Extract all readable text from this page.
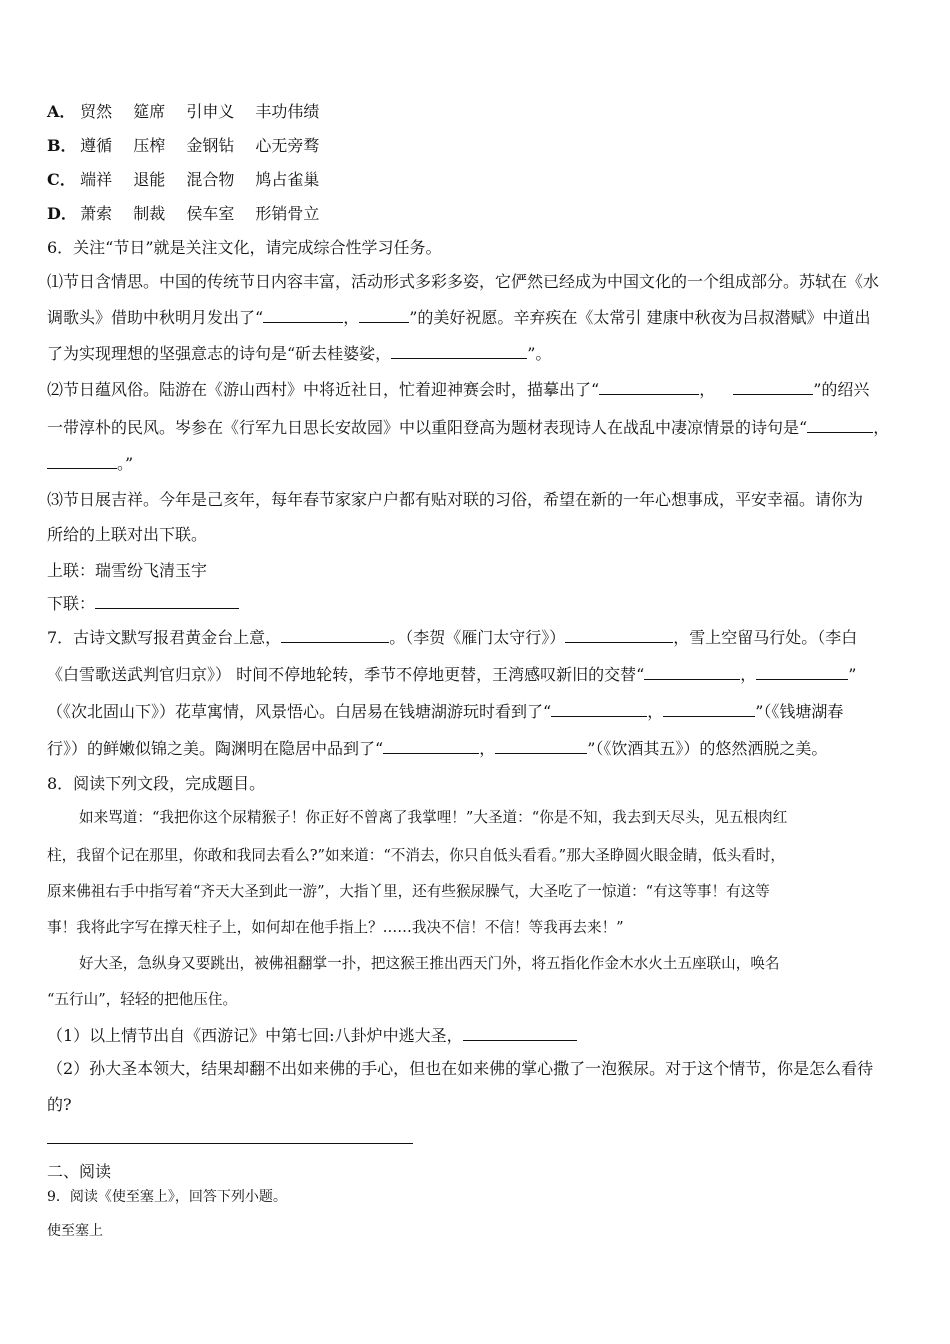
A． 贸然 筵席 引申义 丰功伟绩
B． 遵循 压榨 金钢钻 心无旁骛
C． 端祥 退能 混合物 鸠占雀巢
D． 萧索 制裁 侯车室 形销骨立
6．关注“节日”就是关注文化，请完成综合性学习任务。
⑴节日含情思。中国的传统节日内容丰富，活动形式多彩多姿，它俨然已经成为中国文化的一个组成部分。苏轼在《水
调歌头》借助中秋明月发出了“	，	”的美好祝愿。辛弃疾在《太常引 建康中秋夜为吕叔潜赋》中道出
了为实现理想的坚强意志的诗句是“斫去桂婆娑，	”。
⑵节日蕴风俗。陆游在《游山西村》中将近社日，忙着迎神赛会时，描摹出了“	，	”的绍兴
一带淳朴的民风。岑参在《行军九日思长安故园》中以重阳登高为题材表现诗人在战乱中凄凉情景的诗句是“	，
。”
⑶节日展吉祥。今年是己亥年，每年春节家家户户都有贴对联的习俗，希望在新的一年心想事成，平安幸福。请你为
所给的上联对出下联。
上联：瑞雪纷飞清玉宇
下联：
7．古诗文默写报君黄金台上意，	。（李贺《雁门太守行》）	，雪上空留马行处。（李白
《白雪歌送武判官归京》） 时间不停地轮转，季节不停地更替，王湾感叹新旧的交替“	，	”
（《次北固山下》）花草寓情，风景悟心。白居易在钱塘湖游玩时看到了“	，	”（《钱塘湖春
行》）的鲜嫩似锦之美。陶渊明在隐居中品到了“	，	”（《饮酒其五》）的悠然洒脱之美。
8．阅读下列文段，完成题目。
如来骂道：“我把你这个尿精猴子！你正好不曾离了我掌哩！”大圣道：“你是不知，我去到天尽头，见五根肉红
柱，我留个记在那里，你敢和我同去看么?”如来道：“不消去，你只自低头看看。”那大圣睁圆火眼金睛，低头看时，
原来佛祖右手中指写着“齐天大圣到此一游”，大指丫里，还有些猴尿臊气，大圣吃了一惊道：“有这等事！有这等
事！我将此字写在撑天柱子上，如何却在他手指上？……我决不信！不信！等我再去来！”
好大圣，急纵身又要跳出，被佛祖翻掌一扑，把这猴王推出西天门外，将五指化作金木水火土五座联山，唤名
“五行山”，轻轻的把他压住。
（1）以上情节出自《西游记》中第七回:八卦炉中逃大圣，
（2）孙大圣本领大，结果却翻不出如来佛的手心，但也在如来佛的掌心撒了一泡猴尿。对于这个情节，你是怎么看待
的?
二、阅读
9．阅读《使至塞上》，回答下列小题。
使至塞上
